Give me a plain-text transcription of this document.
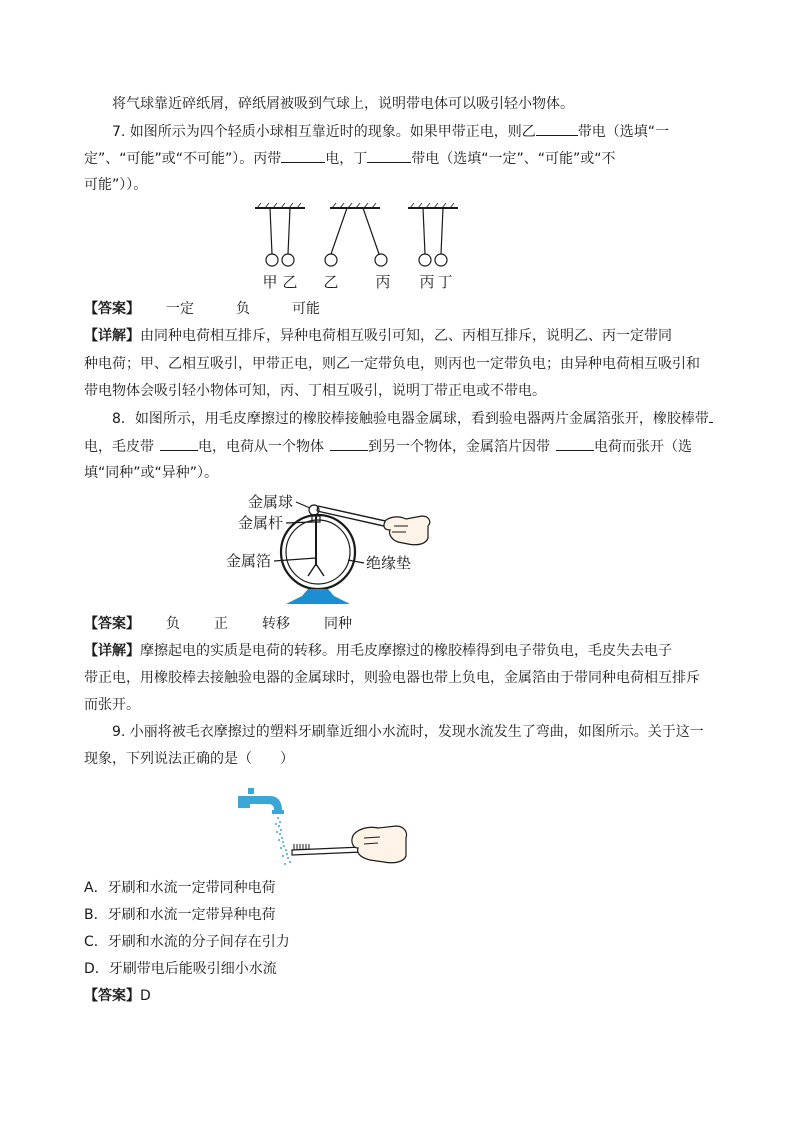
将气球靠近碎纸屑，碎纸屑被吸到气球上，说明带电体可以吸引轻小物体。
7. 如图所示为四个轻质小球相互靠近时的现象。如果甲带正电，则乙	带电（选填“一
定”、“可能”或“不可能”）。丙带	电，丁	带电（选填“一定”、“可能”或“不
可能”））。
甲 乙 乙 丙 丙 丁
【答案】 一定	负	可能
【详解】由同种电荷相互排斥，异种电荷相互吸引可知，乙、丙相互排斥，说明乙、丙一定带同
种电荷；甲、乙相互吸引，甲带正电，则乙一定带负电，则丙也一定带负电；由异种电荷相互吸引和
带电物体会吸引轻小物体可知，丙、丁相互吸引，说明丁带正电或不带电。
8．如图所示，用毛皮摩擦过的橡胶棒接触验电器金属球，看到验电器两片金属箔张开，橡胶棒带
电，毛皮带	电，电荷从一个物体	到另一个物体，金属箔片因带	电荷而张开（选
填“同种”或“异种”）。
金属球
金属杆
金属箔	绝缘垫
【答案】 负 正 转移 同种
【详解】摩擦起电的实质是电荷的转移。用毛皮摩擦过的橡胶棒得到电子带负电，毛皮失去电子
带正电，用橡胶棒去接触验电器的金属球时，则验电器也带上负电，金属箔由于带同种电荷相互排斥
而张开。
9. 小丽将被毛衣摩擦过的塑料牙刷靠近细小水流时，发现水流发生了弯曲，如图所示。关于这一
现象，下列说法正确的是（　　）
A．牙刷和水流一定带同种电荷
B．牙刷和水流一定带异种电荷
C．牙刷和水流的分子间存在引力
D．牙刷带电后能吸引细小水流
【答案】D
